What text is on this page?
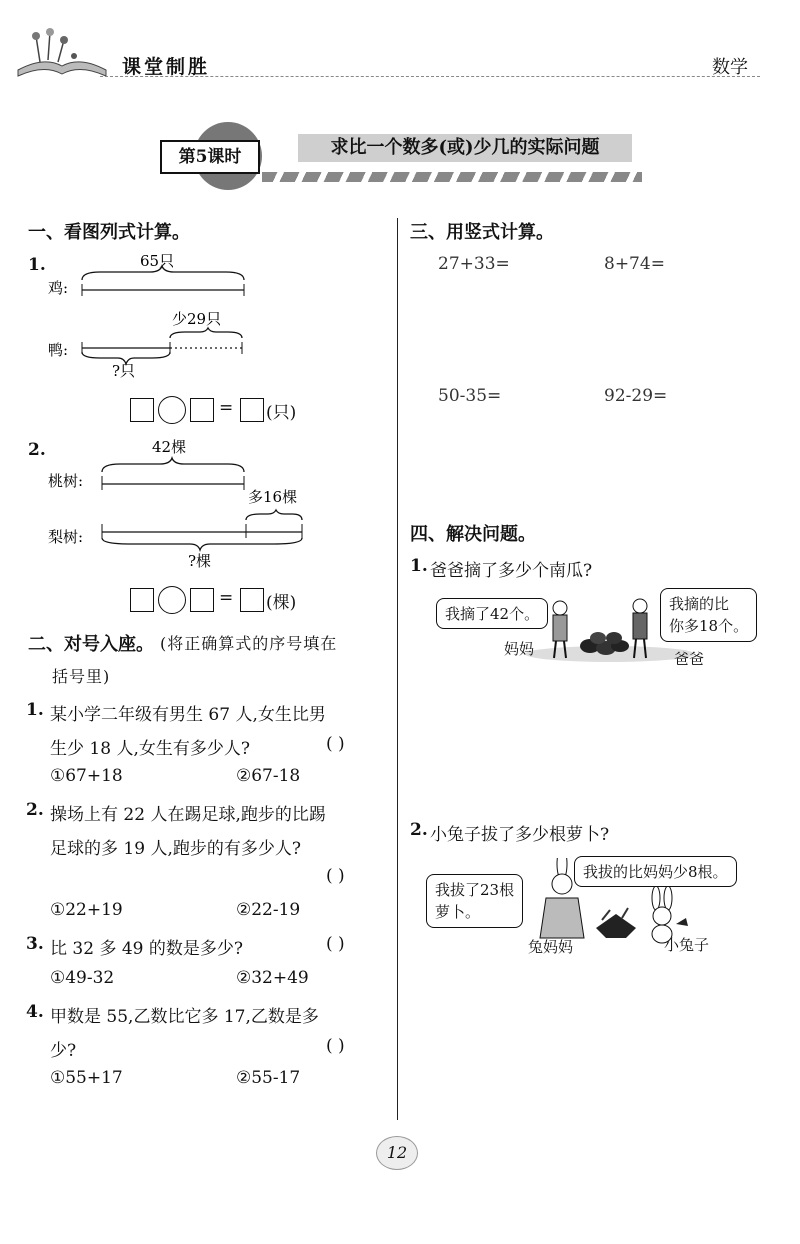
课堂制胜	数学
第5课时	求比一个数多(或)少几的实际问题
一、看图列式计算。
1.	65只
鸡:
少29只
鸭:
?只
= (只)
2.	42棵
桃树:
多16棵
梨树:
?棵
= (棵)
二、对号入座。 (将正确算式的序号填在
括号里)
1. 某小学二年级有男生 67 人,女生比男
生少 18 人,女生有多少人?	( )
①67+18	②67-18
2. 操场上有 22 人在踢足球,跑步的比踢
足球的多 19 人,跑步的有多少人?
( )
①22+19	②22-19
3. 比 32 多 49 的数是多少?	( )
①49-32	②32+49
4. 甲数是 55,乙数比它多 17,乙数是多
少?	( )
①55+17	②55-17
三、用竖式计算。
27+33=	8+74=
50-35=	92-29=
四、解决问题。
1. 爸爸摘了多少个南瓜?
我摘了42个。
我摘的比
你多18个。
妈妈
爸爸
2. 小兔子拔了多少根萝卜?
我拔的比妈妈少8根。
我拔了23根
萝卜。
兔妈妈	小兔子
12
